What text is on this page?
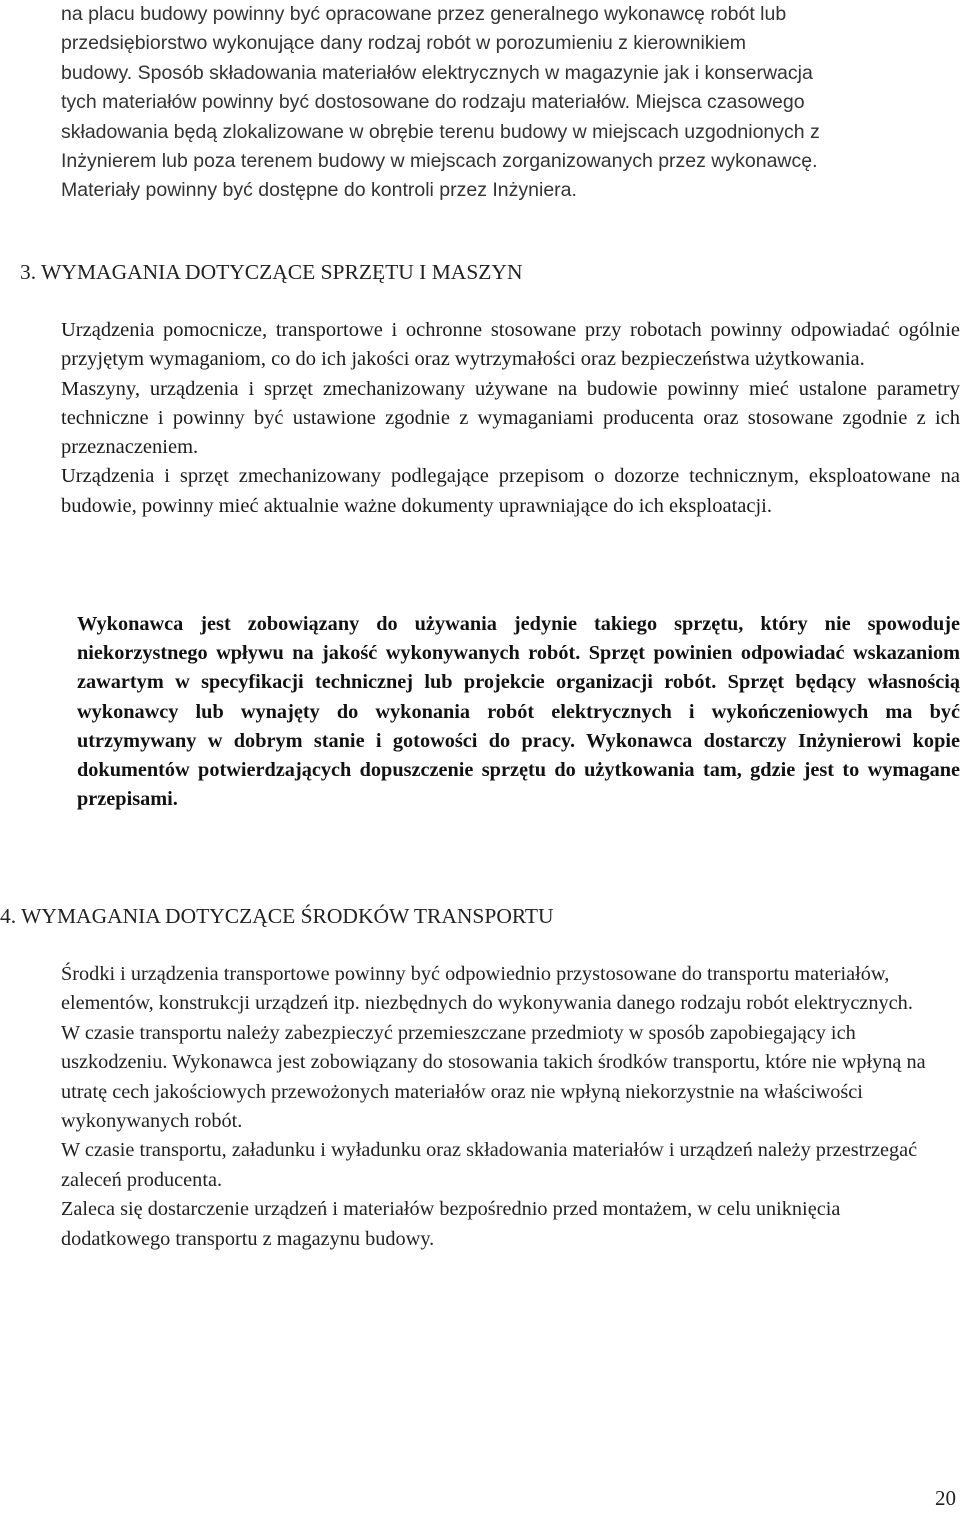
na placu budowy powinny być opracowane przez generalnego wykonawcę robót lub
przedsiębiorstwo wykonujące dany rodzaj robót w porozumieniu z kierownikiem
budowy. Sposób składowania materiałów elektrycznych w magazynie jak i konserwacja
tych materiałów powinny być dostosowane do rodzaju materiałów. Miejsca czasowego
składowania będą zlokalizowane w obrębie terenu budowy w miejscach uzgodnionych z
Inżynierem lub poza terenem budowy w miejscach zorganizowanych przez wykonawcę.
Materiały powinny być dostępne do kontroli przez Inżyniera.

3. WYMAGANIA DOTYCZĄCE SPRZĘTU I MASZYN

Urządzenia pomocnicze, transportowe i ochronne stosowane przy robotach powinny odpowiadać ogólnie przyjętym wymaganiom, co do ich jakości oraz wytrzymałości oraz bezpieczeństwa użytkowania.

Maszyny, urządzenia i sprzęt zmechanizowany używane na budowie powinny mieć ustalone parametry techniczne i powinny być ustawione zgodnie z wymaganiami producenta oraz stosowane zgodnie z ich przeznaczeniem.

Urządzenia i sprzęt zmechanizowany podlegające przepisom o dozorze technicznym, eksploatowane na budowie, powinny mieć aktualnie ważne dokumenty uprawniające do ich eksploatacji.

Wykonawca jest zobowiązany do używania jedynie takiego sprzętu, który nie spowoduje niekorzystnego wpływu na jakość wykonywanych robót. Sprzęt powinien odpowiadać wskazaniom zawartym w specyfikacji technicznej lub projekcie organizacji robót. Sprzęt będący własnością wykonawcy lub wynajęty do wykonania robót elektrycznych i wykończeniowych ma być utrzymywany w dobrym stanie i gotowości do pracy. Wykonawca dostarczy Inżynierowi kopie dokumentów potwierdzających dopuszczenie sprzętu do użytkowania tam, gdzie jest to wymagane przepisami.

4. WYMAGANIA DOTYCZĄCE ŚRODKÓW TRANSPORTU

Środki i urządzenia transportowe powinny być odpowiednio przystosowane do transportu materiałów, elementów, konstrukcji urządzeń itp. niezbędnych do wykonywania danego rodzaju robót elektrycznych.

W czasie transportu należy zabezpieczyć przemieszczane przedmioty w sposób zapobiegający ich uszkodzeniu. Wykonawca jest zobowiązany do stosowania takich środków transportu, które nie wpłyną na utratę cech jakościowych przewożonych materiałów oraz nie wpłyną niekorzystnie na właściwości wykonywanych robót.

W czasie transportu, załadunku i wyładunku oraz składowania materiałów i urządzeń należy przestrzegać zaleceń producenta.

Zaleca się dostarczenie urządzeń i materiałów bezpośrednio przed montażem, w celu uniknięcia dodatkowego transportu z magazynu budowy.

20
